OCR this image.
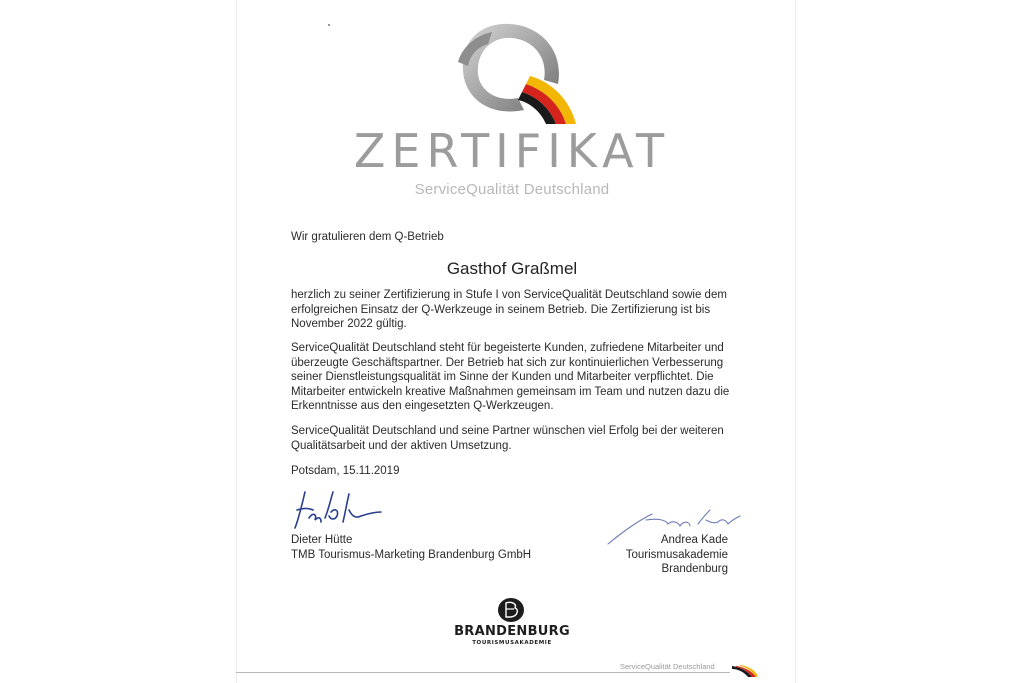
ZERTIFIKAT
ServiceQualität Deutschland
Wir gratulieren dem Q-Betrieb
Gasthof Graßmel
herzlich zu seiner Zertifizierung in Stufe I von ServiceQualität Deutschland sowie dem erfolgreichen Einsatz der Q-Werkzeuge in seinem Betrieb. Die Zertifizierung ist bis November 2022 gültig.
ServiceQualität Deutschland steht für begeisterte Kunden, zufriedene Mitarbeiter und überzeugte Geschäftspartner. Der Betrieb hat sich zur kontinuierlichen Verbesserung seiner Dienstleistungsqualität im Sinne der Kunden und Mitarbeiter verpflichtet. Die Mitarbeiter entwickeln kreative Maßnahmen gemeinsam im Team und nutzen dazu die Erkenntnisse aus den eingesetzten Q-Werkzeugen.
ServiceQualität Deutschland und seine Partner wünschen viel Erfolg bei der weiteren Qualitätsarbeit und der aktiven Umsetzung.
Potsdam, 15.11.2019
Dieter Hütte
TMB Tourismus-Marketing Brandenburg GmbH
Andrea Kade
Tourismusakademie Brandenburg
BRANDENBURG
TOURISMUSAKADEMIE
ServiceQualität Deutschland
